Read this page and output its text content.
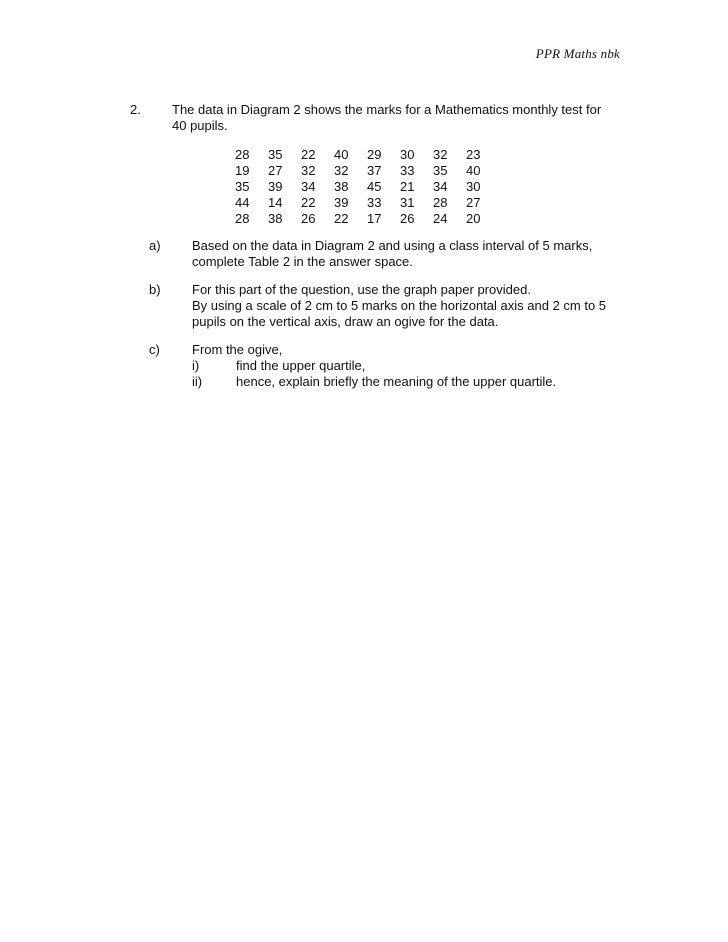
PPR Maths nbk
2. The data in Diagram 2 shows the marks for a Mathematics monthly test for 40 pupils.
28	35	22	40	29	30	32	23
19	27	32	32	37	33	35	40
35	39	34	38	45	21	34	30
44	14	22	39	33	31	28	27
28	38	26	22	17	26	24	20
a) Based on the data in Diagram 2 and using a class interval of 5 marks,
complete Table 2 in the answer space.
b) For this part of the question, use the graph paper provided.
By using a scale of 2 cm to 5 marks on the horizontal axis and 2 cm to 5
pupils on the vertical axis, draw an ogive for the data.
c) From the ogive,
i)	find the upper quartile,
ii)	hence, explain briefly the meaning of the upper quartile.
